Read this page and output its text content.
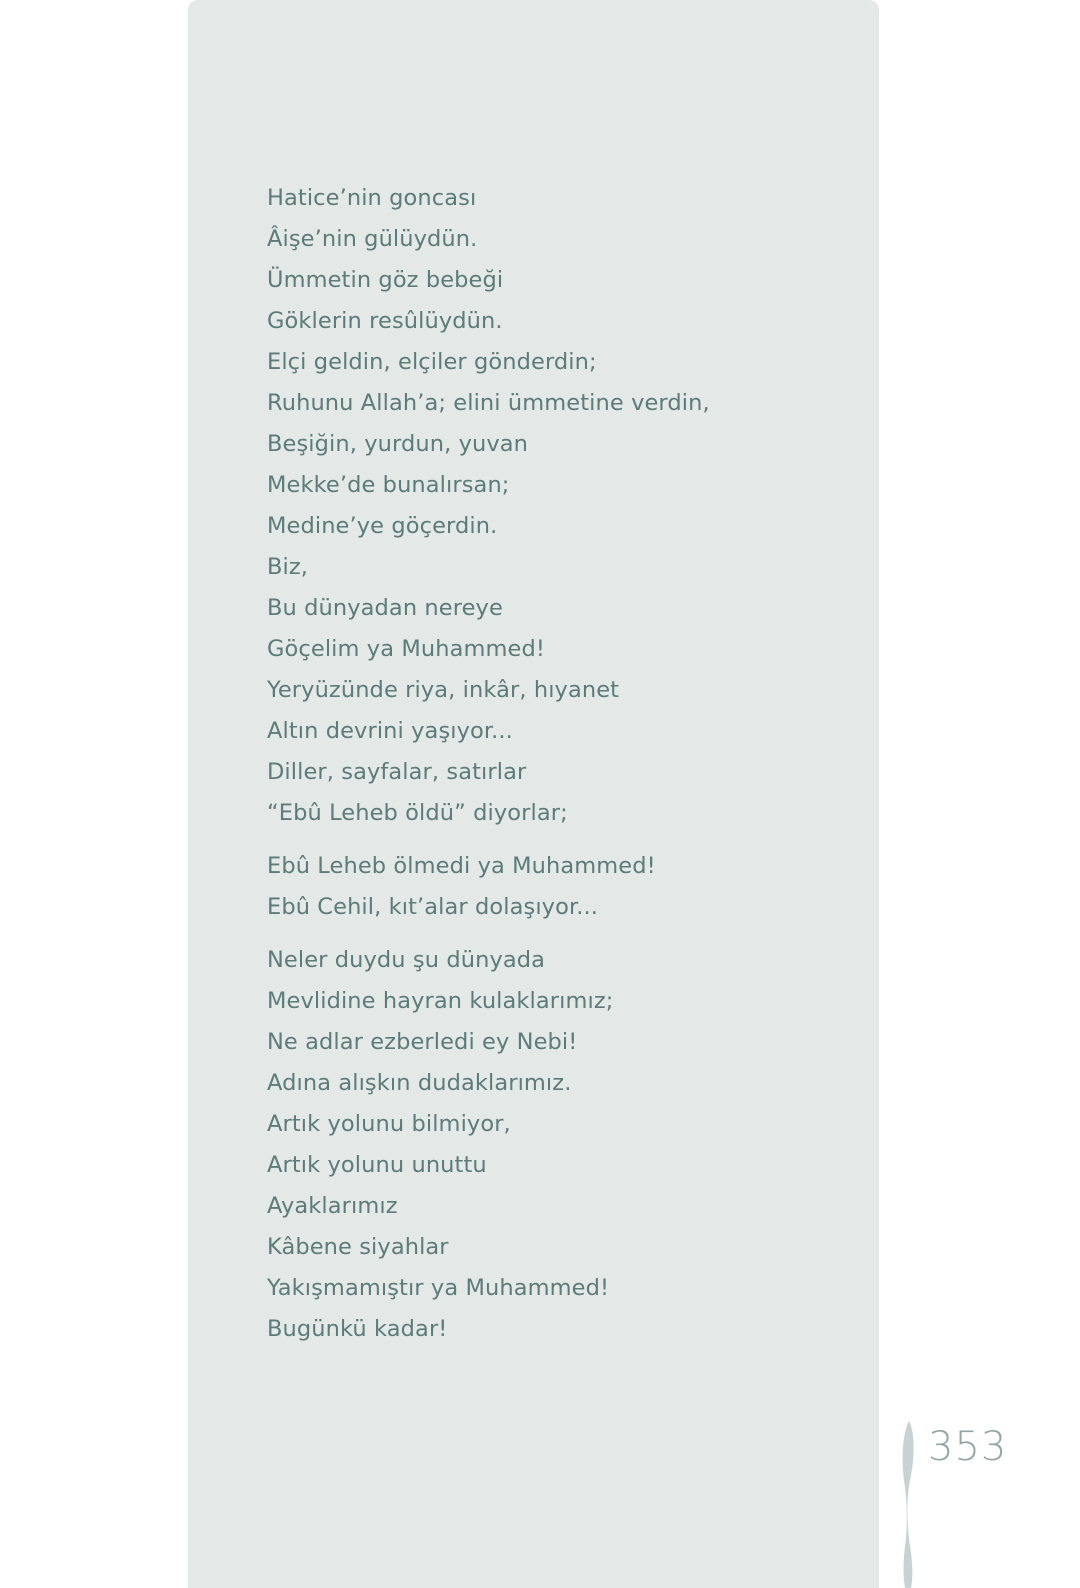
Hatice’nin goncası
Âişe’nin gülüydün.
Ümmetin göz bebeği
Göklerin resûlüydün.
Elçi geldin, elçiler gönderdin;
Ruhunu Allah’a; elini ümmetine verdin,
Beşiğin, yurdun, yuvan
Mekke’de bunalırsan;
Medine’ye göçerdin.
Biz,
Bu dünyadan nereye
Göçelim ya Muhammed!
Yeryüzünde riya, inkâr, hıyanet
Altın devrini yaşıyor...
Diller, sayfalar, satırlar
“Ebû Leheb öldü” diyorlar;
Ebû Leheb ölmedi ya Muhammed!
Ebû Cehil, kıt’alar dolaşıyor...
Neler duydu şu dünyada
Mevlidine hayran kulaklarımız;
Ne adlar ezberledi ey Nebi!
Adına alışkın dudaklarımız.
Artık yolunu bilmiyor,
Artık yolunu unuttu
Ayaklarımız
Kâbene siyahlar
Yakışmamıştır ya Muhammed!
Bugünkü kadar!
353
